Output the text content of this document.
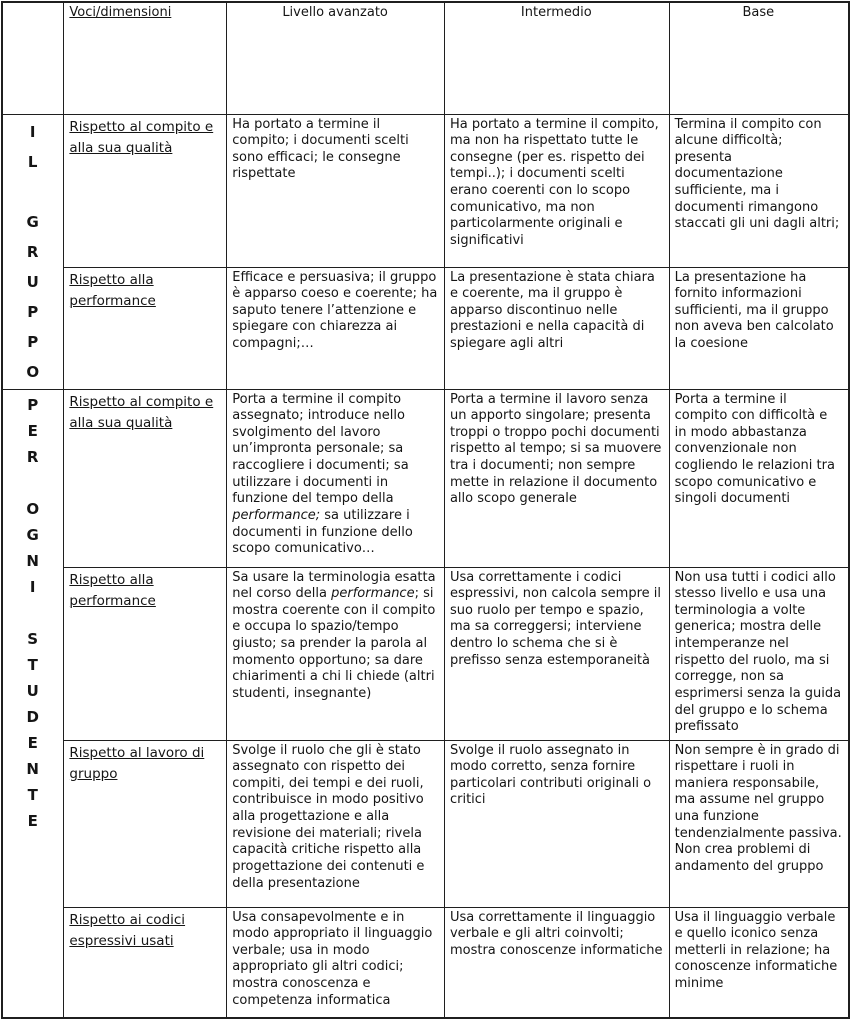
	Voci/dimensioni	Livello avanzato	Intermedio	Base

I
L
G
R
U
P
P
O
	Rispetto al compito e alla sua qualità	Ha portato a termine il compito; i documenti scelti sono efficaci; le consegne rispettate	Ha portato a termine il compito, ma non ha rispettato tutte le consegne (per es. rispetto dei tempi..); i documenti scelti erano coerenti con lo scopo comunicativo, ma non particolarmente originali e significativi	Termina il compito con alcune difficoltà; presenta documentazione sufficiente, ma i documenti rimangono staccati gli uni dagli altri;
	Rispetto alla performance	Efficace e persuasiva; il gruppo è apparso coeso e coerente; ha saputo tenere l’attenzione e spiegare con chiarezza ai compagni;…	La presentazione è stata chiara e coerente, ma il gruppo è apparso discontinuo nelle prestazioni e nella capacità di spiegare agli altri	La presentazione ha fornito informazioni sufficienti, ma il gruppo non aveva ben calcolato la coesione

P
E
R
O
G
N
I
S
T
U
D
E
N
T
E
	Rispetto al compito e alla sua qualità	Porta a termine il compito assegnato; introduce nello svolgimento del lavoro un’impronta personale; sa raccogliere i documenti; sa utilizzare i documenti in funzione del tempo della performance; sa utilizzare i documenti in funzione dello scopo comunicativo…	Porta a termine il lavoro senza un apporto singolare; presenta troppi o troppo pochi documenti rispetto al tempo; si sa muovere tra i documenti; non sempre mette in relazione il documento allo scopo generale	Porta a termine il compito con difficoltà e in modo abbastanza convenzionale non cogliendo le relazioni tra scopo comunicativo e singoli documenti
Rispetto alla performance	Sa usare la terminologia esatta nel corso della performance; si mostra coerente con il compito e occupa lo spazio/tempo giusto; sa prender la parola al momento opportuno; sa dare chiarimenti a chi li chiede (altri studenti, insegnante)	Usa correttamente i codici espressivi, non calcola sempre il suo ruolo per tempo e spazio, ma sa correggersi; interviene dentro lo schema che si è prefisso senza estemporaneità	Non usa tutti i codici allo stesso livello e usa una terminologia a volte generica; mostra delle intemperanze nel rispetto del ruolo, ma si corregge, non sa esprimersi senza la guida del gruppo e lo schema prefissato
	Rispetto al lavoro di gruppo	Svolge il ruolo che gli è stato assegnato con rispetto dei compiti, dei tempi e dei ruoli, contribuisce in modo positivo alla progettazione e alla revisione dei materiali; rivela capacità critiche rispetto alla progettazione dei contenuti e della presentazione	Svolge il ruolo assegnato in modo corretto, senza fornire particolari contributi originali o critici	Non sempre è in grado di rispettare i ruoli in maniera responsabile, ma assume nel gruppo una funzione tendenzialmente passiva. Non crea problemi di andamento del gruppo
	Rispetto ai codici espressivi usati	Usa consapevolmente e in modo appropriato il linguaggio verbale; usa in modo appropriato gli altri codici; mostra conoscenza e competenza informatica	Usa correttamente il linguaggio verbale e gli altri coinvolti; mostra conoscenze informatiche	Usa il linguaggio verbale e quello iconico senza metterli in relazione; ha conoscenze informatiche minime
